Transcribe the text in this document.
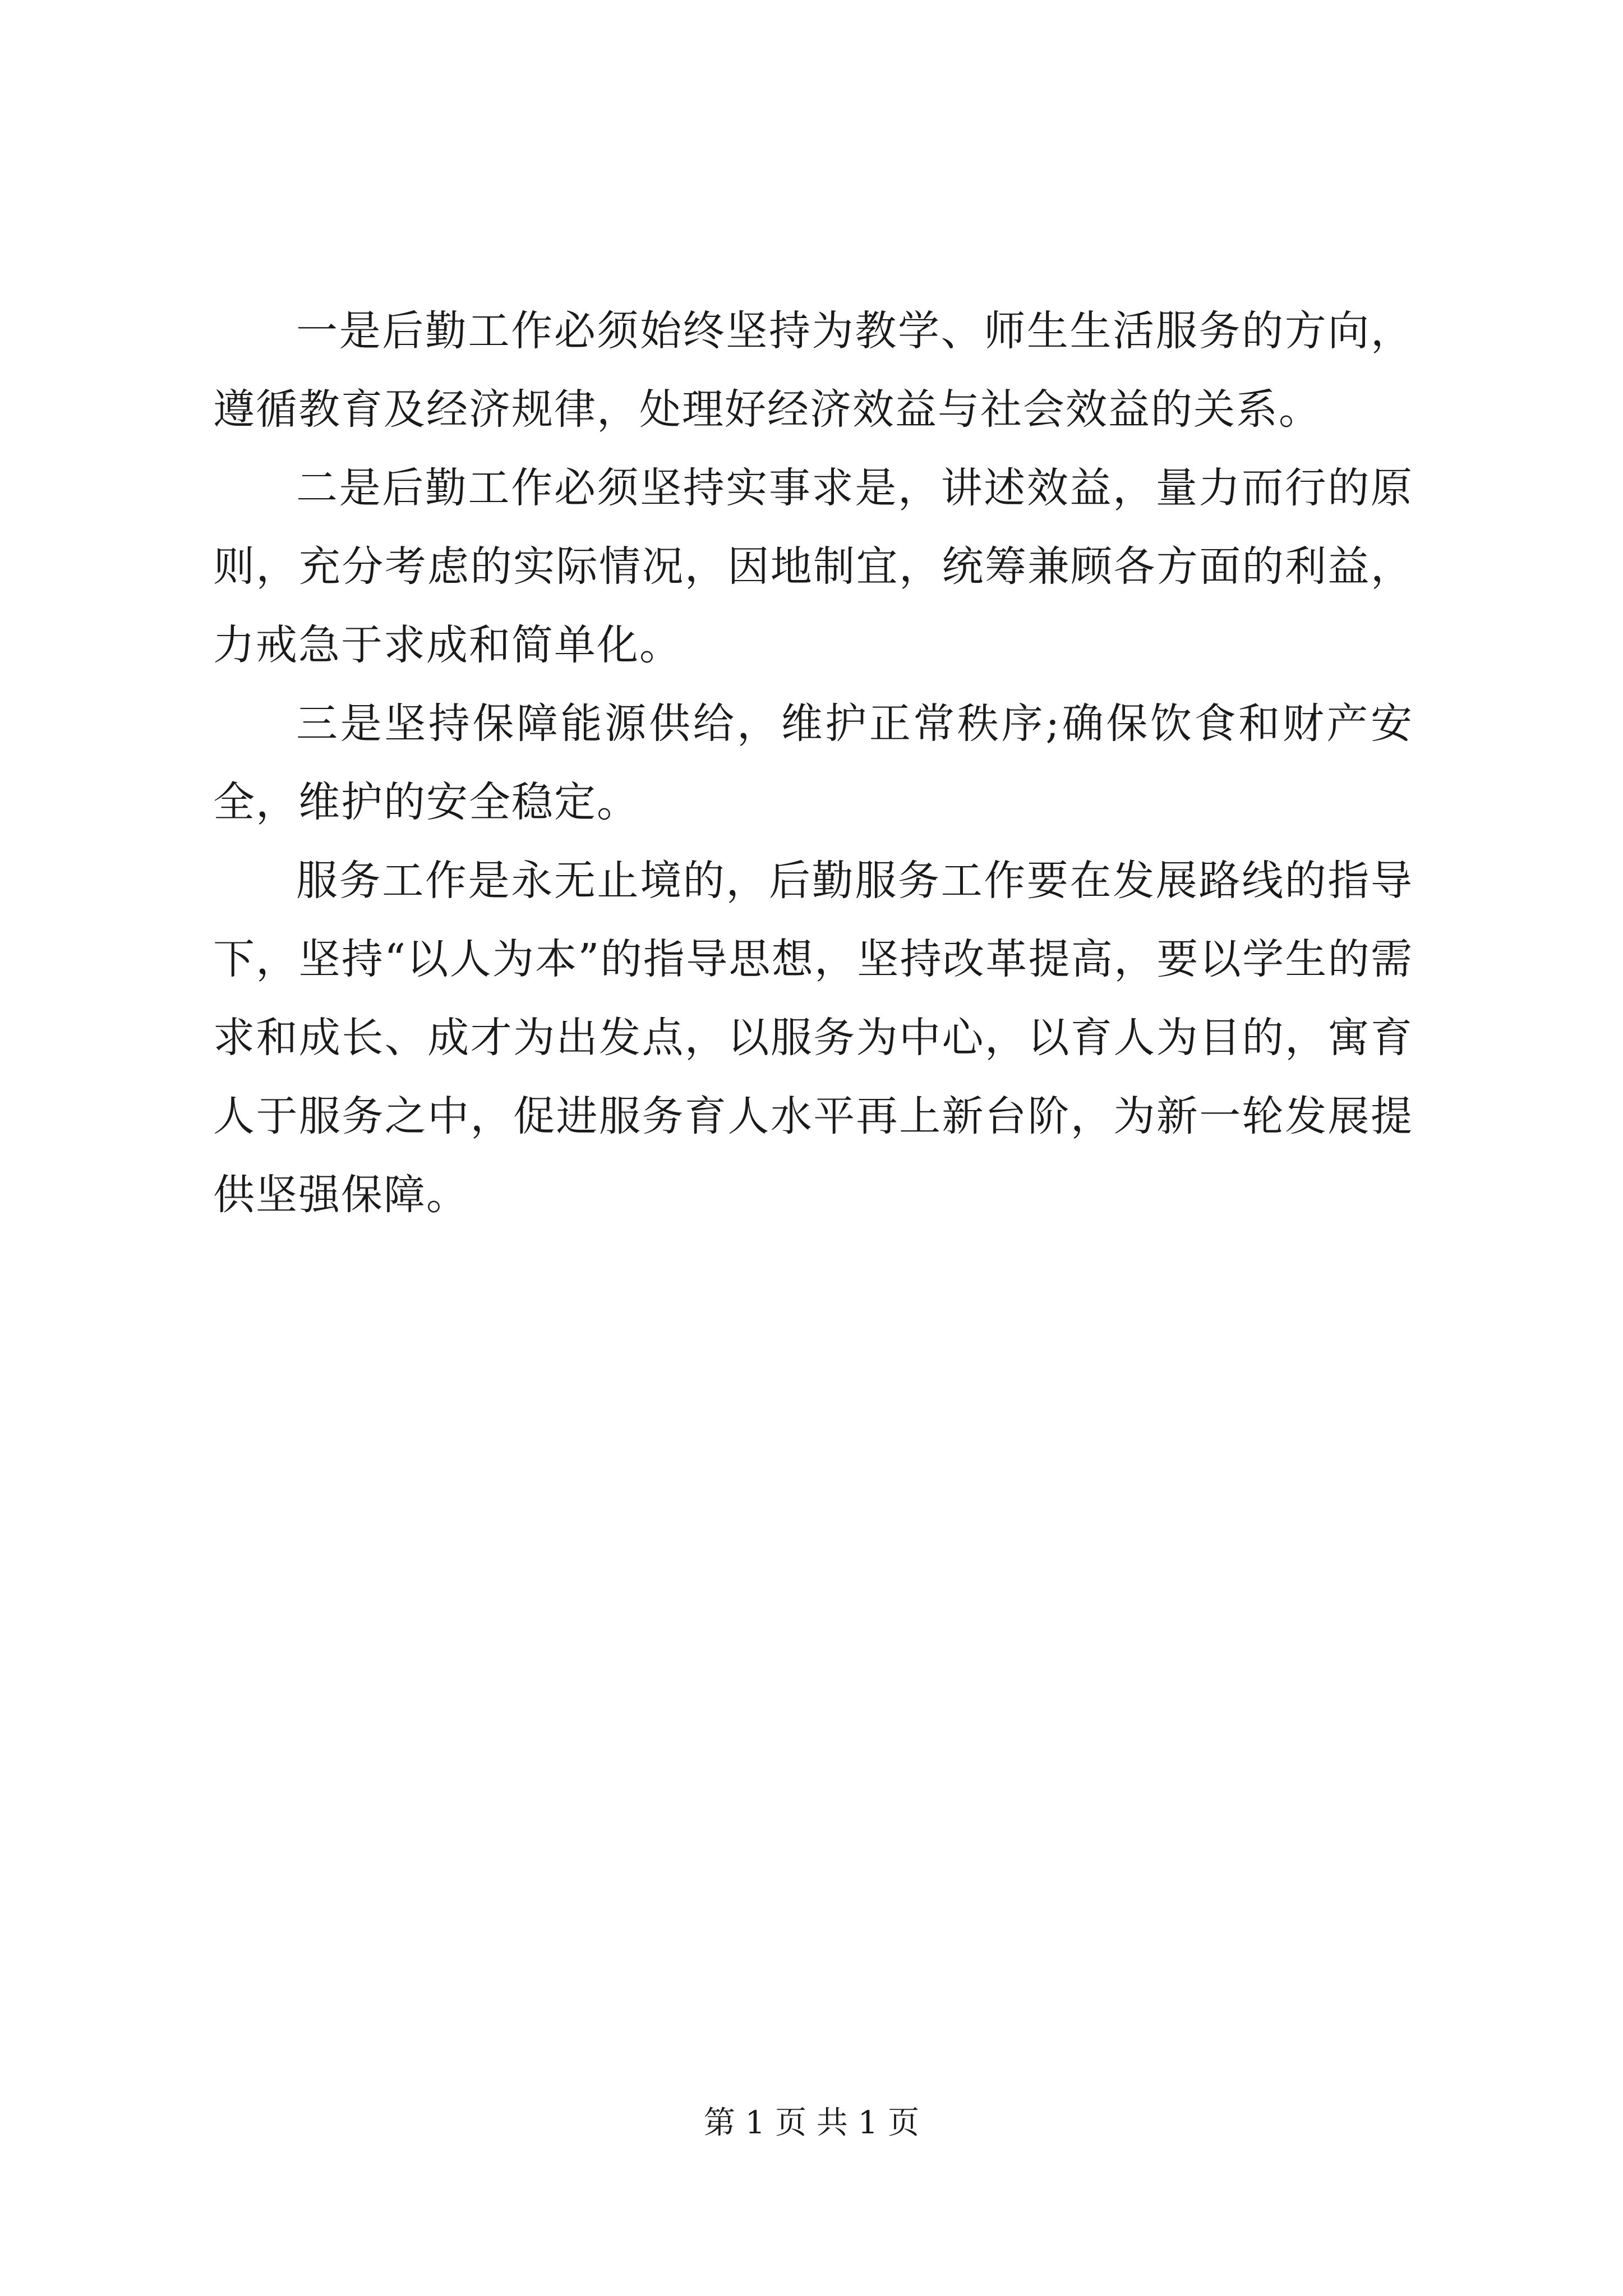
一是后勤工作必须始终坚持为教学、师生生活服务的方向，遵循教育及经济规律，处理好经济效益与社会效益的关系。

二是后勤工作必须坚持实事求是，讲述效益，量力而行的原则，充分考虑的实际情况，因地制宜，统筹兼顾各方面的利益，力戒急于求成和简单化。

三是坚持保障能源供给，维护正常秩序;确保饮食和财产安全，维护的安全稳定。

服务工作是永无止境的，后勤服务工作要在发展路线的指导下，坚持“以人为本”的指导思想，坚持改革提高，要以学生的需求和成长、成才为出发点，以服务为中心，以育人为目的，寓育人于服务之中，促进服务育人水平再上新台阶，为新一轮发展提供坚强保障。

第 1 页 共 1 页
